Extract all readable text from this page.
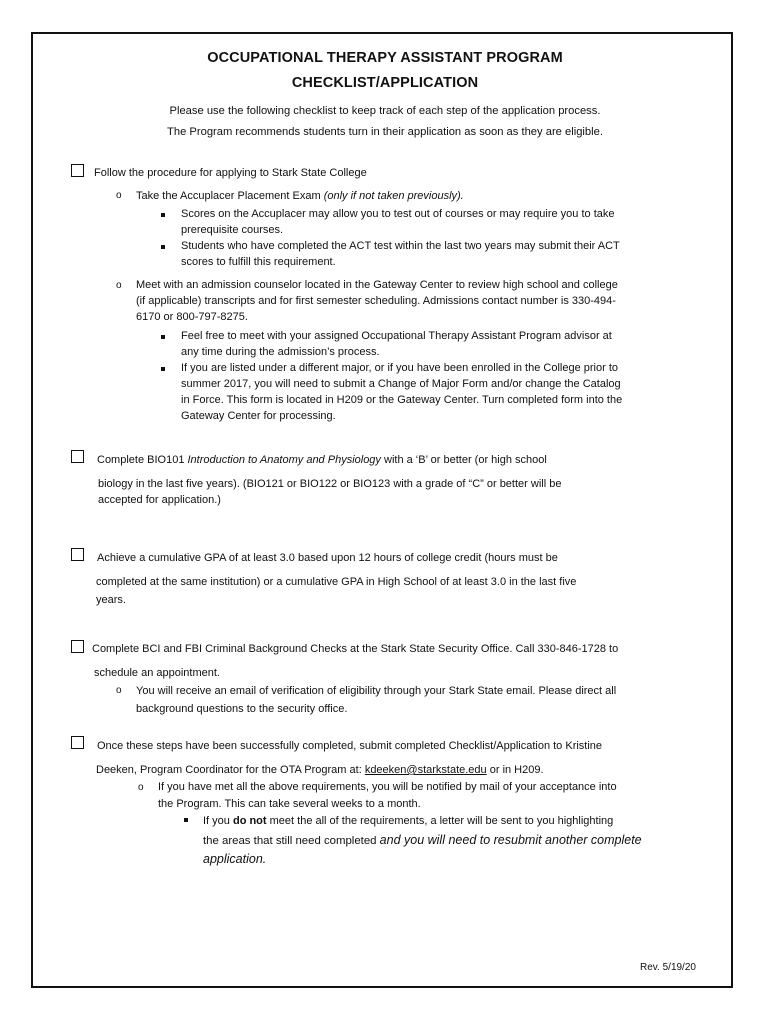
OCCUPATIONAL THERAPY ASSISTANT PROGRAM
CHECKLIST/APPLICATION
Please use the following checklist to keep track of each step of the application process.
The Program recommends students turn in their application as soon as they are eligible.
Follow the procedure for applying to Stark State College
o Take the Accuplacer Placement Exam (only if not taken previously).
Scores on the Accuplacer may allow you to test out of courses or may require you to take
prerequisite courses.
Students who have completed the ACT test within the last two years may submit their ACT
scores to fulfill this requirement.
o Meet with an admission counselor located in the Gateway Center to review high school and college
(if applicable) transcripts and for first semester scheduling. Admissions contact number is 330-494-
6170 or 800-797-8275.
Feel free to meet with your assigned Occupational Therapy Assistant Program advisor at
any time during the admission’s process.
If you are listed under a different major, or if you have been enrolled in the College prior to
summer 2017, you will need to submit a Change of Major Form and/or change the Catalog
in Force. This form is located in H209 or the Gateway Center. Turn completed form into the
Gateway Center for processing.
Complete BIO101 Introduction to Anatomy and Physiology with a ‘B’ or better (or high school
biology in the last five years). (BIO121 or BIO122 or BIO123 with a grade of “C” or better will be
accepted for application.)
Achieve a cumulative GPA of at least 3.0 based upon 12 hours of college credit (hours must be
completed at the same institution) or a cumulative GPA in High School of at least 3.0 in the last five
years.
Complete BCI and FBI Criminal Background Checks at the Stark State Security Office. Call 330-846-1728 to
schedule an appointment.
o You will receive an email of verification of eligibility through your Stark State email. Please direct all
background questions to the security office.
Once these steps have been successfully completed, submit completed Checklist/Application to Kristine
Deeken, Program Coordinator for the OTA Program at: kdeeken@starkstate.edu or in H209.
o If you have met all the above requirements, you will be notified by mail of your acceptance into
the Program. This can take several weeks to a month.
If you do not meet the all of the requirements, a letter will be sent to you highlighting
the areas that still need completed and you will need to resubmit another complete
application.
Rev. 5/19/20
